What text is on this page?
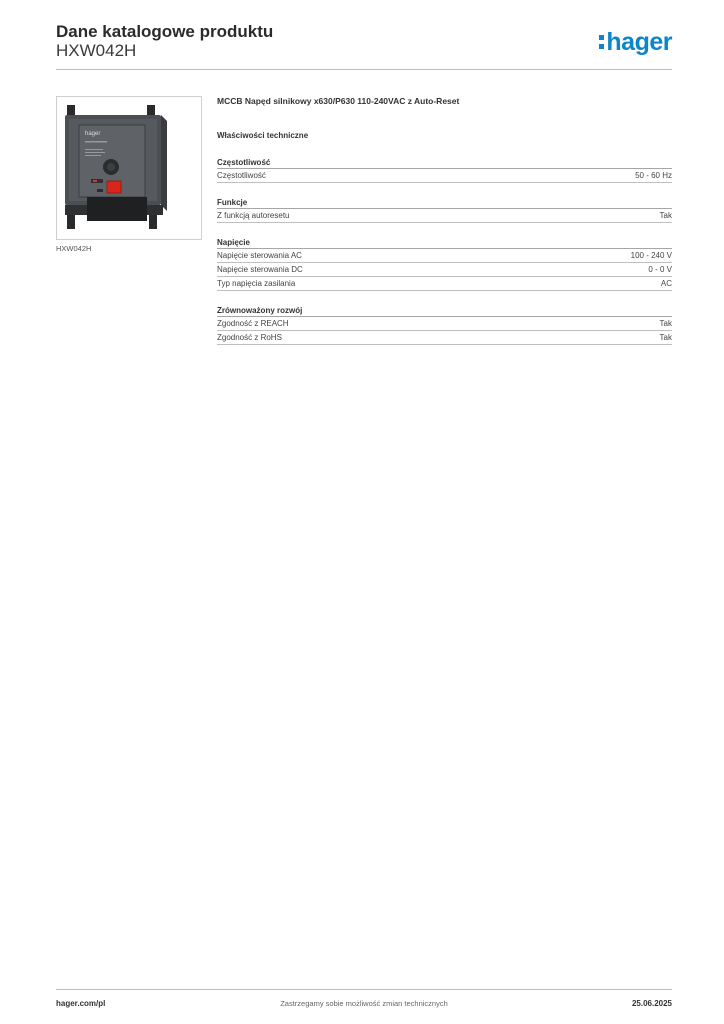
Dane katalogowe produktu
HXW042H	hager
hager
HXW042H
MCCB Napęd silnikowy x630/P630 110-240VAC z Auto-Reset
Właściwości techniczne
Częstotliwość
Częstotliwość	50 - 60 Hz
Funkcje
Z funkcją autoresetu	Tak
Napięcie
Napięcie sterowania AC	100 - 240 V
Napięcie sterowania DC	0 - 0 V
Typ napięcia zasilania	AC
Zrównoważony rozwój
Zgodność z REACH	Tak
Zgodność z RoHS	Tak
hager.com/pl	Zastrzegamy sobie możliwość zmian technicznych	25.06.2025
